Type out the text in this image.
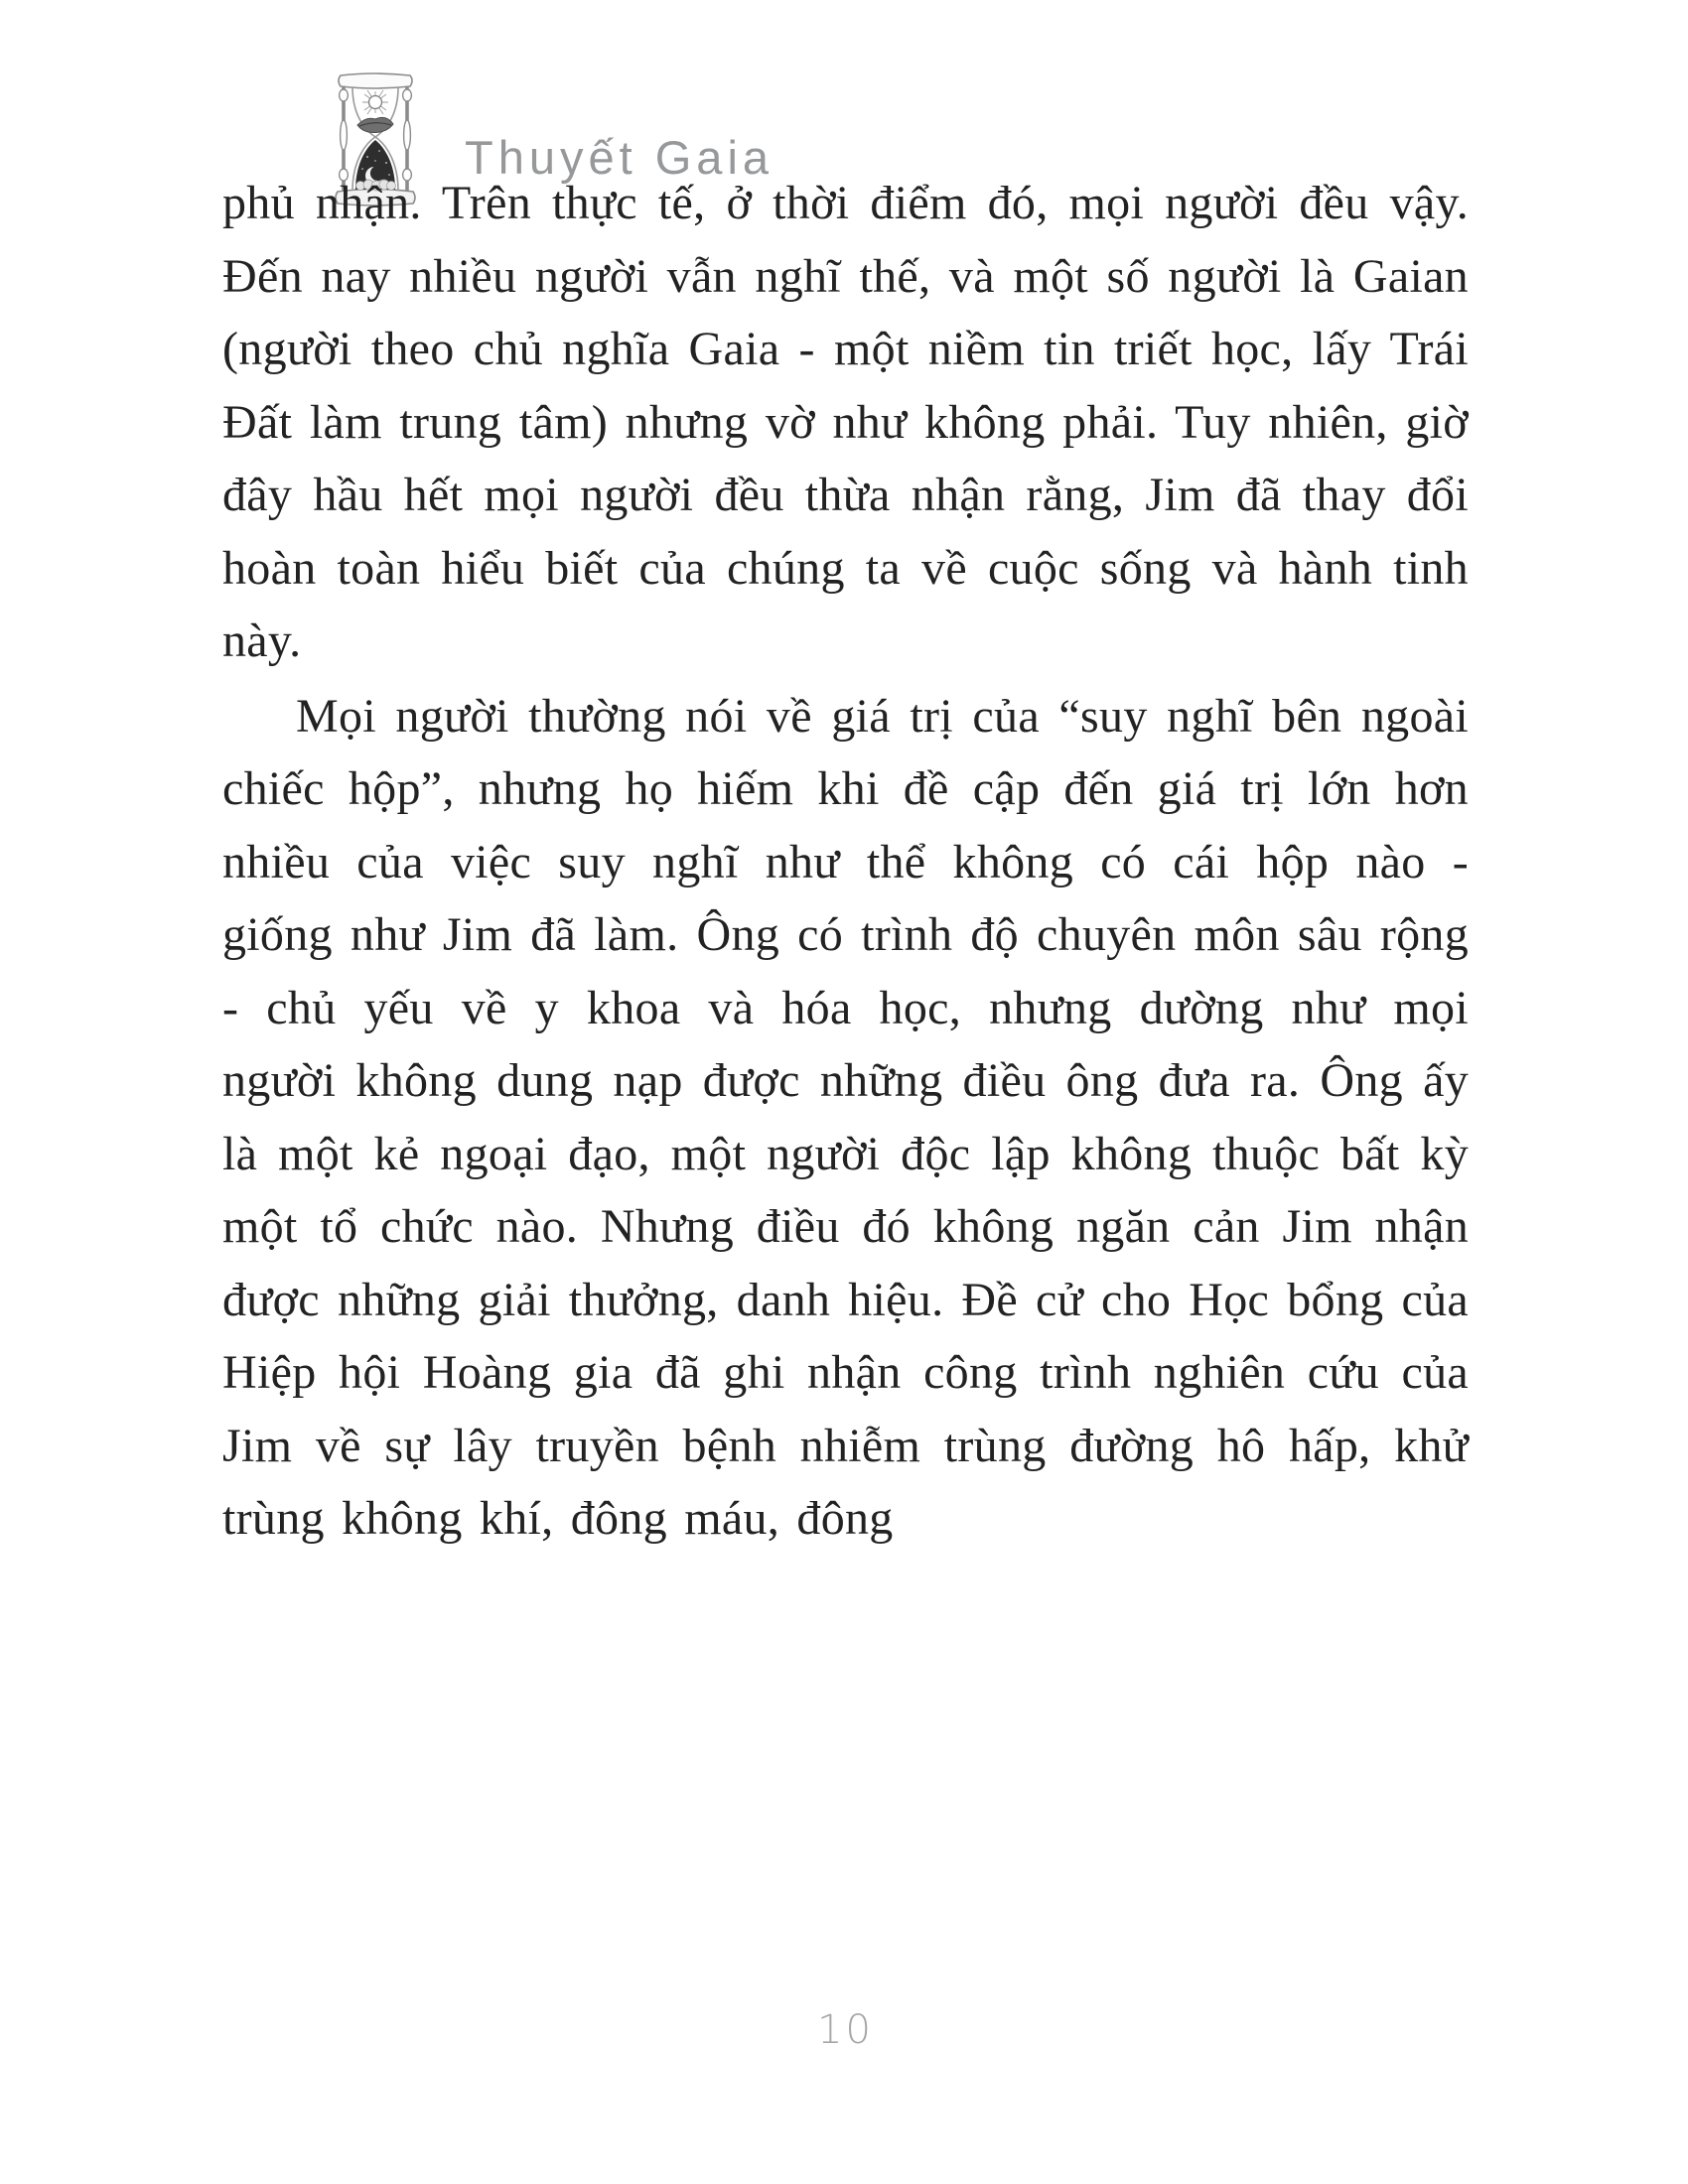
Thuyết Gaia

phủ nhận. Trên thực tế, ở thời điểm đó, mọi người đều vậy. Đến nay nhiều người vẫn nghĩ thế, và một số người là Gaian (người theo chủ nghĩa Gaia - một niềm tin triết học, lấy Trái Đất làm trung tâm) nhưng vờ như không phải. Tuy nhiên, giờ đây hầu hết mọi người đều thừa nhận rằng, Jim đã thay đổi hoàn toàn hiểu biết của chúng ta về cuộc sống và hành tinh này.

Mọi người thường nói về giá trị của “suy nghĩ bên ngoài chiếc hộp”, nhưng họ hiếm khi đề cập đến giá trị lớn hơn nhiều của việc suy nghĩ như thể không có cái hộp nào - giống như Jim đã làm. Ông có trình độ chuyên môn sâu rộng - chủ yếu về y khoa và hóa học, nhưng dường như mọi người không dung nạp được những điều ông đưa ra. Ông ấy là một kẻ ngoại đạo, một người độc lập không thuộc bất kỳ một tổ chức nào. Nhưng điều đó không ngăn cản Jim nhận được những giải thưởng, danh hiệu. Đề cử cho Học bổng của Hiệp hội Hoàng gia đã ghi nhận công trình nghiên cứu của Jim về sự lây truyền bệnh nhiễm trùng đường hô hấp, khử trùng không khí, đông máu, đông

10
